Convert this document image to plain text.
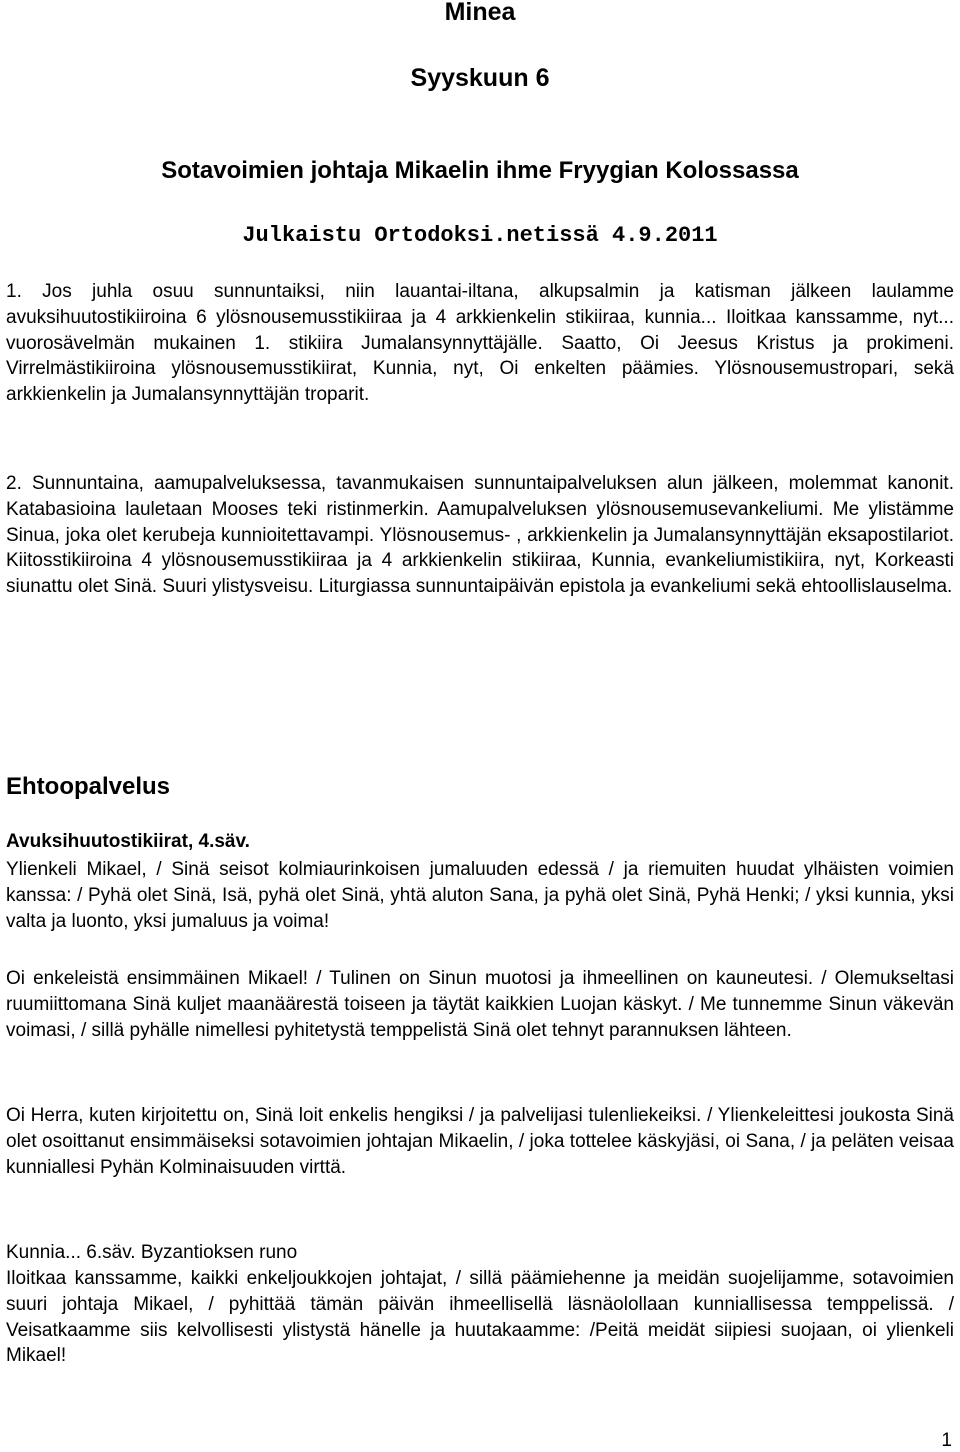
Minea
Syyskuun 6
Sotavoimien johtaja Mikaelin ihme Fryygian Kolossassa
Julkaistu Ortodoksi.netissä 4.9.2011

1. Jos juhla osuu sunnuntaiksi, niin lauantai-iltana, alkupsalmin ja katisman jälkeen laulamme avuksihuutostikiiroina 6 ylösnousemusstikiiraa ja 4 arkkienkelin stikiiraa, kunnia... Iloitkaa kanssamme, nyt... vuorosävelmän mukainen 1. stikiira Jumalansynnyttäjälle. Saatto, Oi Jeesus Kristus ja prokimeni. Virrelmästikiiroina ylösnousemusstikiirat, Kunnia, nyt, Oi enkelten päämies. Ylösnousemustropari, sekä arkkienkelin ja Jumalansynnyttäjän troparit.

2. Sunnuntaina, aamupalveluksessa, tavanmukaisen sunnuntaipalveluksen alun jälkeen, molemmat kanonit. Katabasioina lauletaan Mooses teki ristinmerkin. Aamupalveluksen ylösnousemusevankeliumi. Me ylistämme Sinua, joka olet kerubeja kunnioitettavampi. Ylösnousemus- , arkkienkelin ja Jumalansynnyttäjän eksapostilariot. Kiitosstikiiroina 4 ylösnousemusstikiiraa ja 4 arkkienkelin stikiiraa, Kunnia, evankeliumistikiira, nyt, Korkeasti siunattu olet Sinä. Suuri ylistysveisu. Liturgiassa sunnuntaipäivän epistola ja evankeliumi sekä ehtoollislauselma.

Ehtoopalvelus
Avuksihuutostikiirat, 4.säv.

Ylienkeli Mikael, / Sinä seisot kolmiaurinkoisen jumaluuden edessä / ja riemuiten huudat ylhäisten voimien kanssa: / Pyhä olet Sinä, Isä, pyhä olet Sinä, yhtä aluton Sana, ja pyhä olet Sinä, Pyhä Henki; / yksi kunnia, yksi valta ja luonto, yksi jumaluus ja voima!

Oi enkeleistä ensimmäinen Mikael! / Tulinen on Sinun muotosi ja ihmeellinen on kauneutesi. / Olemukseltasi ruumiittomana Sinä kuljet maanäärestä toiseen ja täytät kaikkien Luojan käskyt. / Me tunnemme Sinun väkevän voimasi, / sillä pyhälle nimellesi pyhitetystä temppelistä Sinä olet tehnyt parannuksen lähteen.

Oi Herra, kuten kirjoitettu on, Sinä loit enkelis hengiksi / ja palvelijasi tulenliekeiksi. / Ylienkeleittesi joukosta Sinä olet osoittanut ensimmäiseksi sotavoimien johtajan Mikaelin, / joka tottelee käskyjäsi, oi Sana, / ja peläten veisaa kunniallesi Pyhän Kolminaisuuden virttä.

Kunnia... 6.säv. Byzantioksen runo

Iloitkaa kanssamme, kaikki enkeljoukkojen johtajat, / sillä päämiehenne ja meidän suojelijamme, sotavoimien suuri johtaja Mikael, / pyhittää tämän päivän ihmeellisellä läsnäolollaan kunniallisessa temppelissä. / Veisatkaamme siis kelvollisesti ylistystä hänelle ja huutakaamme: /Peitä meidät siipiesi suojaan, oi ylienkeli Mikael!

1
